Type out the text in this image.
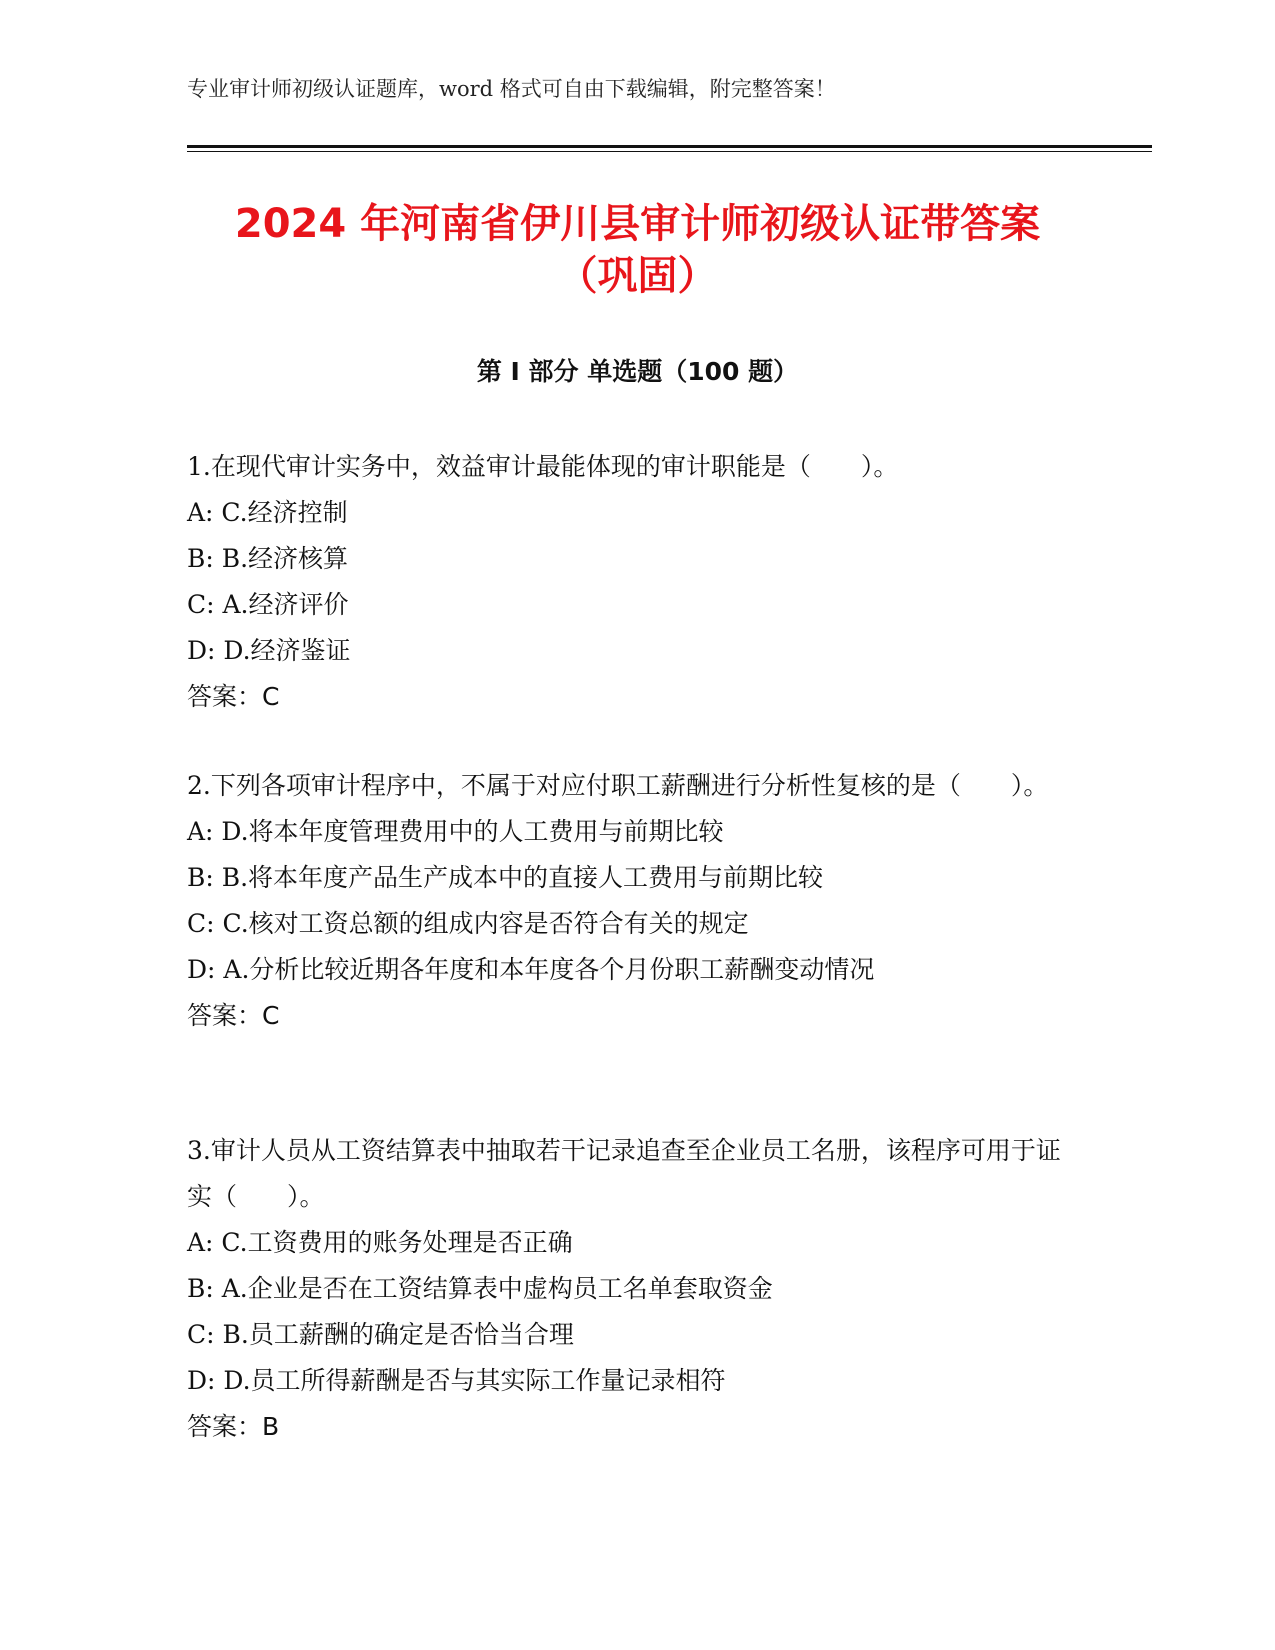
专业审计师初级认证题库，word 格式可自由下载编辑，附完整答案！
2024 年河南省伊川县审计师初级认证带答案
（巩固）
第 I 部分 单选题（100 题）

1.在现代审计实务中，效益审计最能体现的审计职能是（　　）。

A: C.经济控制

B: B.经济核算

C: A.经济评价

D: D.经济鉴证

答案：C

2.下列各项审计程序中，不属于对应付职工薪酬进行分析性复核的是（　　）。

A: D.将本年度管理费用中的人工费用与前期比较

B: B.将本年度产品生产成本中的直接人工费用与前期比较

C: C.核对工资总额的组成内容是否符合有关的规定

D: A.分析比较近期各年度和本年度各个月份职工薪酬变动情况

答案：C

3.审计人员从工资结算表中抽取若干记录追查至企业员工名册，该程序可用于证实（　　）。

A: C.工资费用的账务处理是否正确

B: A.企业是否在工资结算表中虚构员工名单套取资金

C: B.员工薪酬的确定是否恰当合理

D: D.员工所得薪酬是否与其实际工作量记录相符

答案：B
